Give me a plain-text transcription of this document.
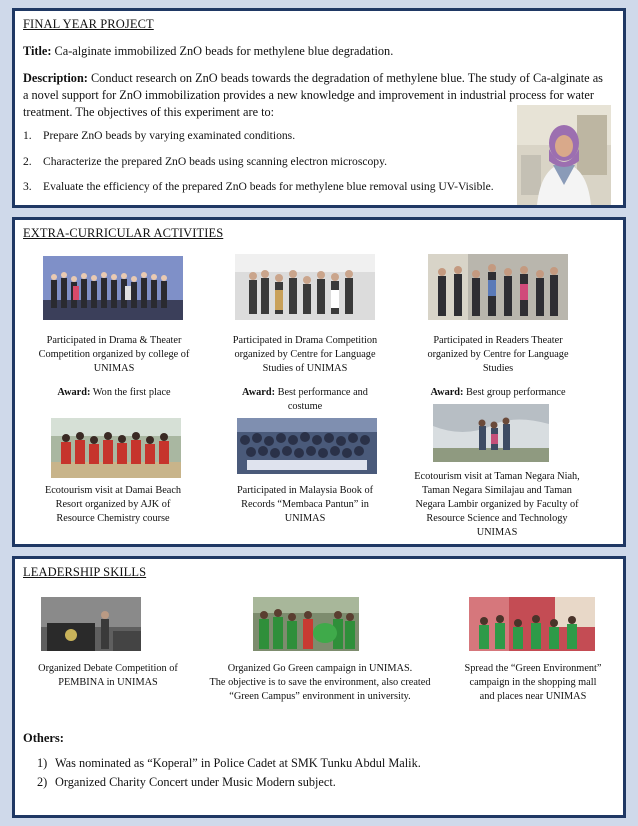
FINAL YEAR PROJECT
Title: Ca-alginate immobilized ZnO beads for methylene blue degradation.
Description: Conduct research on ZnO beads towards the degradation of methylene blue. The study of Ca-alginate as
a novel support for ZnO immobilization provides a new knowledge and improvement in industrial process for water
treatment. The objectives of this experiment are to:
1. Prepare ZnO beads by varying examinated conditions.
2. Characterize the prepared ZnO beads using scanning electron microscopy.
3. Evaluate the efficiency of the prepared ZnO beads for methylene blue removal using UV-Visible.
EXTRA-CURRICULAR ACTIVITIES
Participated in Drama & Theater
Competition organized by college of
UNIMAS
Participated in Drama Competition
organized by Centre for Language
Studies of UNIMAS
Participated in Readers Theater
organized by Centre for Language
Studies
Award: Won the first place	Award: Best performance and
costume
Award: Best group performance
Ecotourism visit at Damai Beach
Resort organized by AJK of
Resource Chemistry course
Participated in Malaysia Book of
Records “Membaca Pantun” in
UNIMAS
Ecotourism visit at Taman Negara Niah,
Taman Negara Similajau and Taman
Negara Lambir organized by Faculty of
Resource Science and Technology
UNIMAS
LEADERSHIP SKILLS
Organized Debate Competition of
PEMBINA in UNIMAS
Organized Go Green campaign in UNIMAS.
The objective is to save the environment, also created
“Green Campus” environment in university.
Spread the “Green Environment”
campaign in the shopping mall
and places near UNIMAS
Others:
1) Was nominated as “Koperal” in Police Cadet at SMK Tunku Abdul Malik.
2) Organized Charity Concert under Music Modern subject.
